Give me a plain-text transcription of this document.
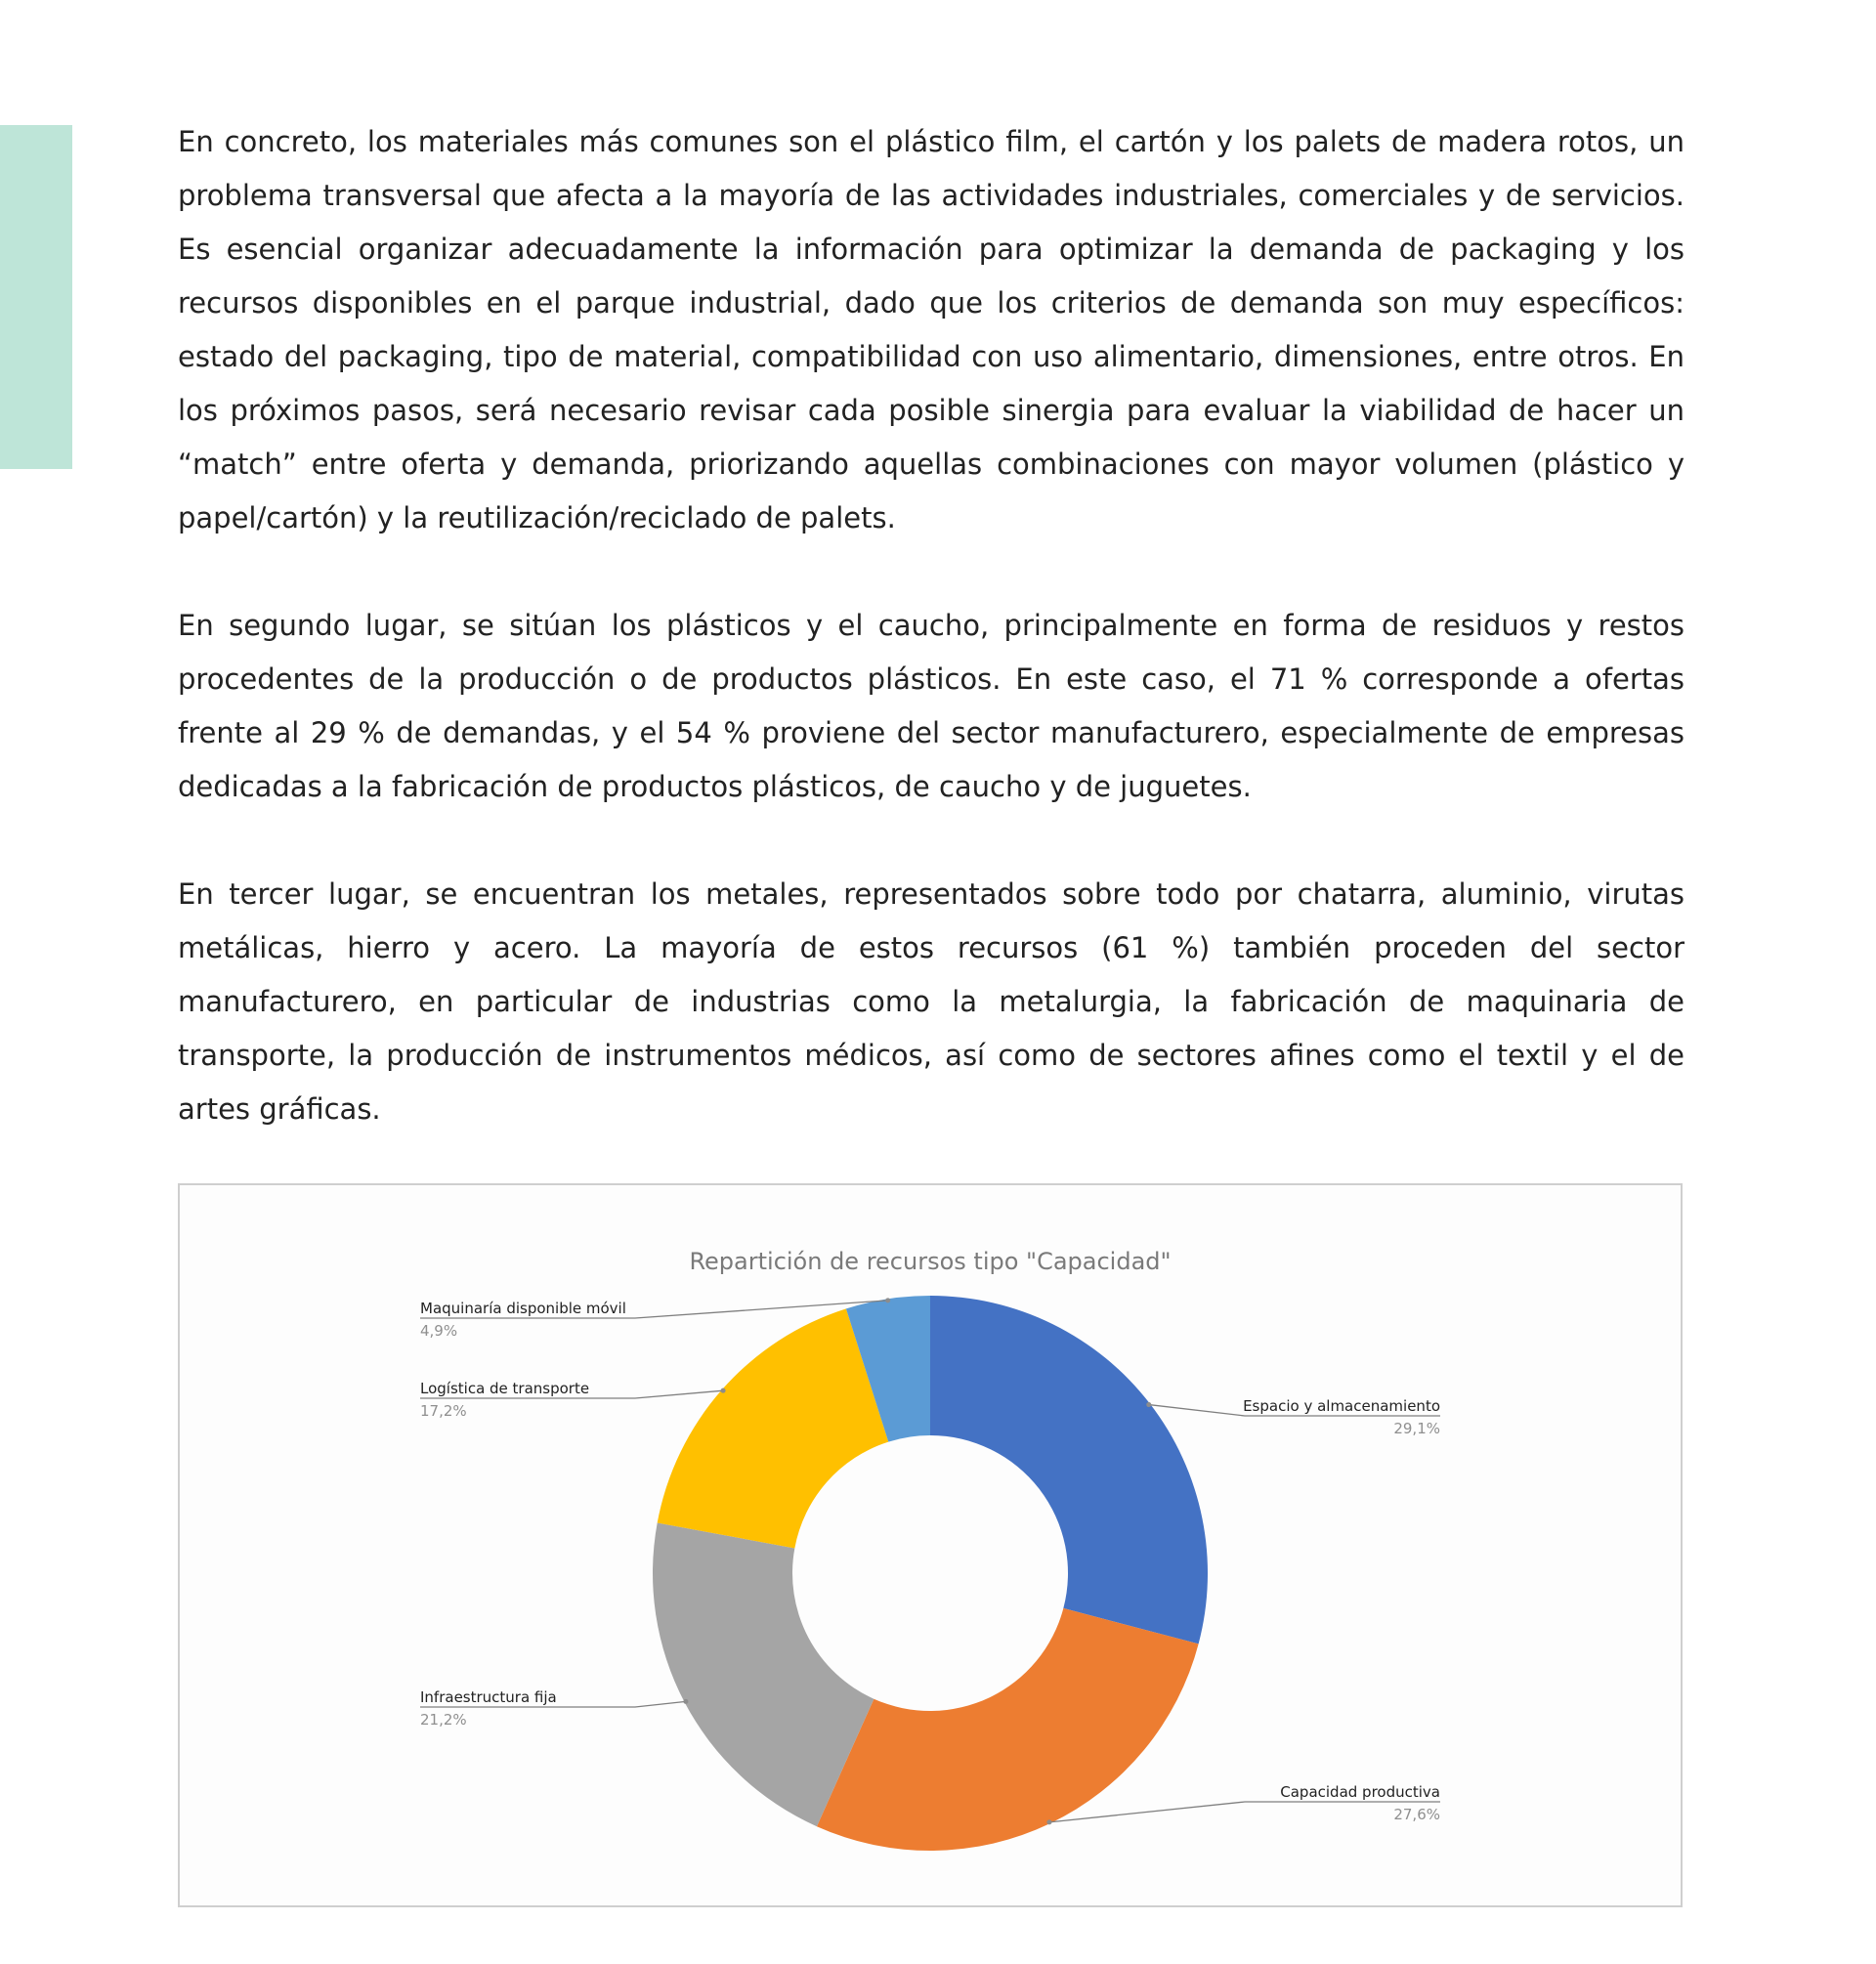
En concreto, los materiales más comunes son el plástico film, el cartón y los palets de madera rotos, un problema transversal que afecta a la mayoría de las actividades industriales, comerciales y de servicios. Es esencial organizar adecuadamente la información para optimizar la demanda de packaging y los recursos disponibles en el parque industrial, dado que los criterios de demanda son muy específicos: estado del packaging, tipo de material, compatibilidad con uso alimentario, dimensiones, entre otros. En los próximos pasos, será necesario revisar cada posible sinergia para evaluar la viabilidad de hacer un “match” entre oferta y demanda, priorizando aquellas combinaciones con mayor volumen (plástico y papel/cartón) y la reutilización/reciclado de palets.

En segundo lugar, se sitúan los plásticos y el caucho, principalmente en forma de residuos y restos procedentes de la producción o de productos plásticos. En este caso, el 71 % corresponde a ofertas frente al 29 % de demandas, y el 54 % proviene del sector manufacturero, especialmente de empresas dedicadas a la fabricación de productos plásticos, de caucho y de juguetes.

En tercer lugar, se encuentran los metales, representados sobre todo por chatarra, aluminio, virutas metálicas, hierro y acero. La mayoría de estos recursos (61 %) también proceden del sector manufacturero, en particular de industrias como la metalurgia, la fabricación de maquinaria de transporte, la producción de instrumentos médicos, así como de sectores afines como el textil y el de artes gráficas.

Repartición de recursos tipo "Capacidad"
Espacio y almacenamiento
29,1%
Capacidad productiva
27,6%
Infraestructura fija
21,2%
Logística de transporte
17,2%
Maquinaría disponible móvil
4,9%
